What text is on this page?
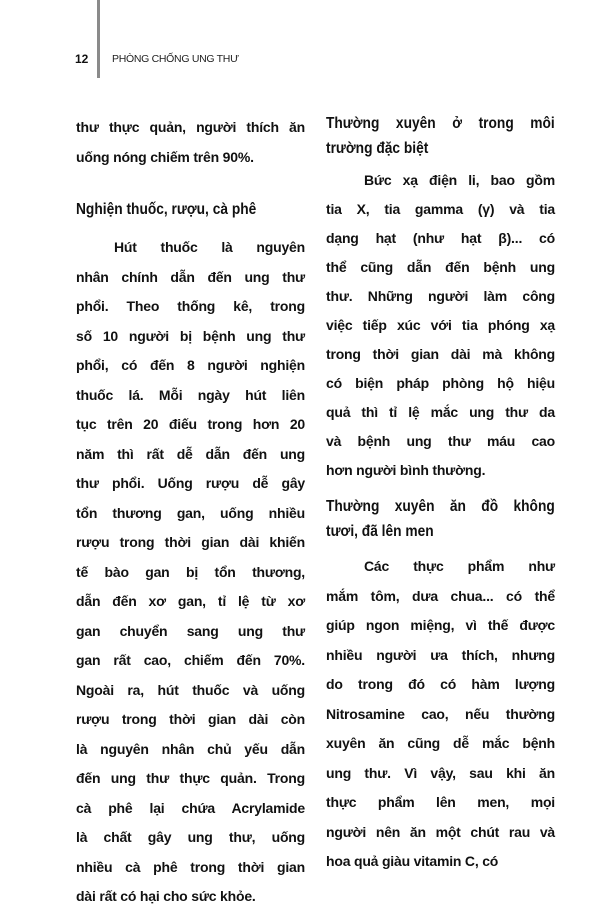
12 PHÒNG CHỐNG UNG THƯ
thư thực quản, người thích ăn
uống nóng chiếm trên 90%.
Nghiện thuốc, rượu, cà phê
Hút thuốc là nguyên
nhân chính dẫn đến ung thư
phổi. Theo thống kê, trong
số 10 người bị bệnh ung thư
phổi, có đến 8 người nghiện
thuốc lá. Mỗi ngày hút liên
tục trên 20 điếu trong hơn 20
năm thì rất dễ dẫn đến ung
thư phổi. Uống rượu dễ gây
tổn thương gan, uống nhiều
rượu trong thời gian dài khiến
tế bào gan bị tổn thương,
dẫn đến xơ gan, tỉ lệ từ xơ
gan chuyển sang ung thư
gan rất cao, chiếm đến 70%.
Ngoài ra, hút thuốc và uống
rượu trong thời gian dài còn
là nguyên nhân chủ yếu dẫn
đến ung thư thực quản. Trong
cà phê lại chứa Acrylamide
là chất gây ung thư, uống
nhiều cà phê trong thời gian
dài rất có hại cho sức khỏe.
Thường xuyên ở trong môi
trường đặc biệt
Bức xạ điện li, bao gồm
tia X, tia gamma (γ) và tia
dạng hạt (như hạt β)... có
thể cũng dẫn đến bệnh ung
thư. Những người làm công
việc tiếp xúc với tia phóng xạ
trong thời gian dài mà không
có biện pháp phòng hộ hiệu
quả thì tỉ lệ mắc ung thư da
và bệnh ung thư máu cao
hơn người bình thường.
Thường xuyên ăn đồ không
tươi, đã lên men
Các thực phẩm như
mắm tôm, dưa chua... có thể
giúp ngon miệng, vì thế được
nhiều người ưa thích, nhưng
do trong đó có hàm lượng
Nitrosamine cao, nếu thường
xuyên ăn cũng dễ mắc bệnh
ung thư. Vì vậy, sau khi ăn
thực phẩm lên men, mọi
người nên ăn một chút rau và
hoa quả giàu vitamin C, có
